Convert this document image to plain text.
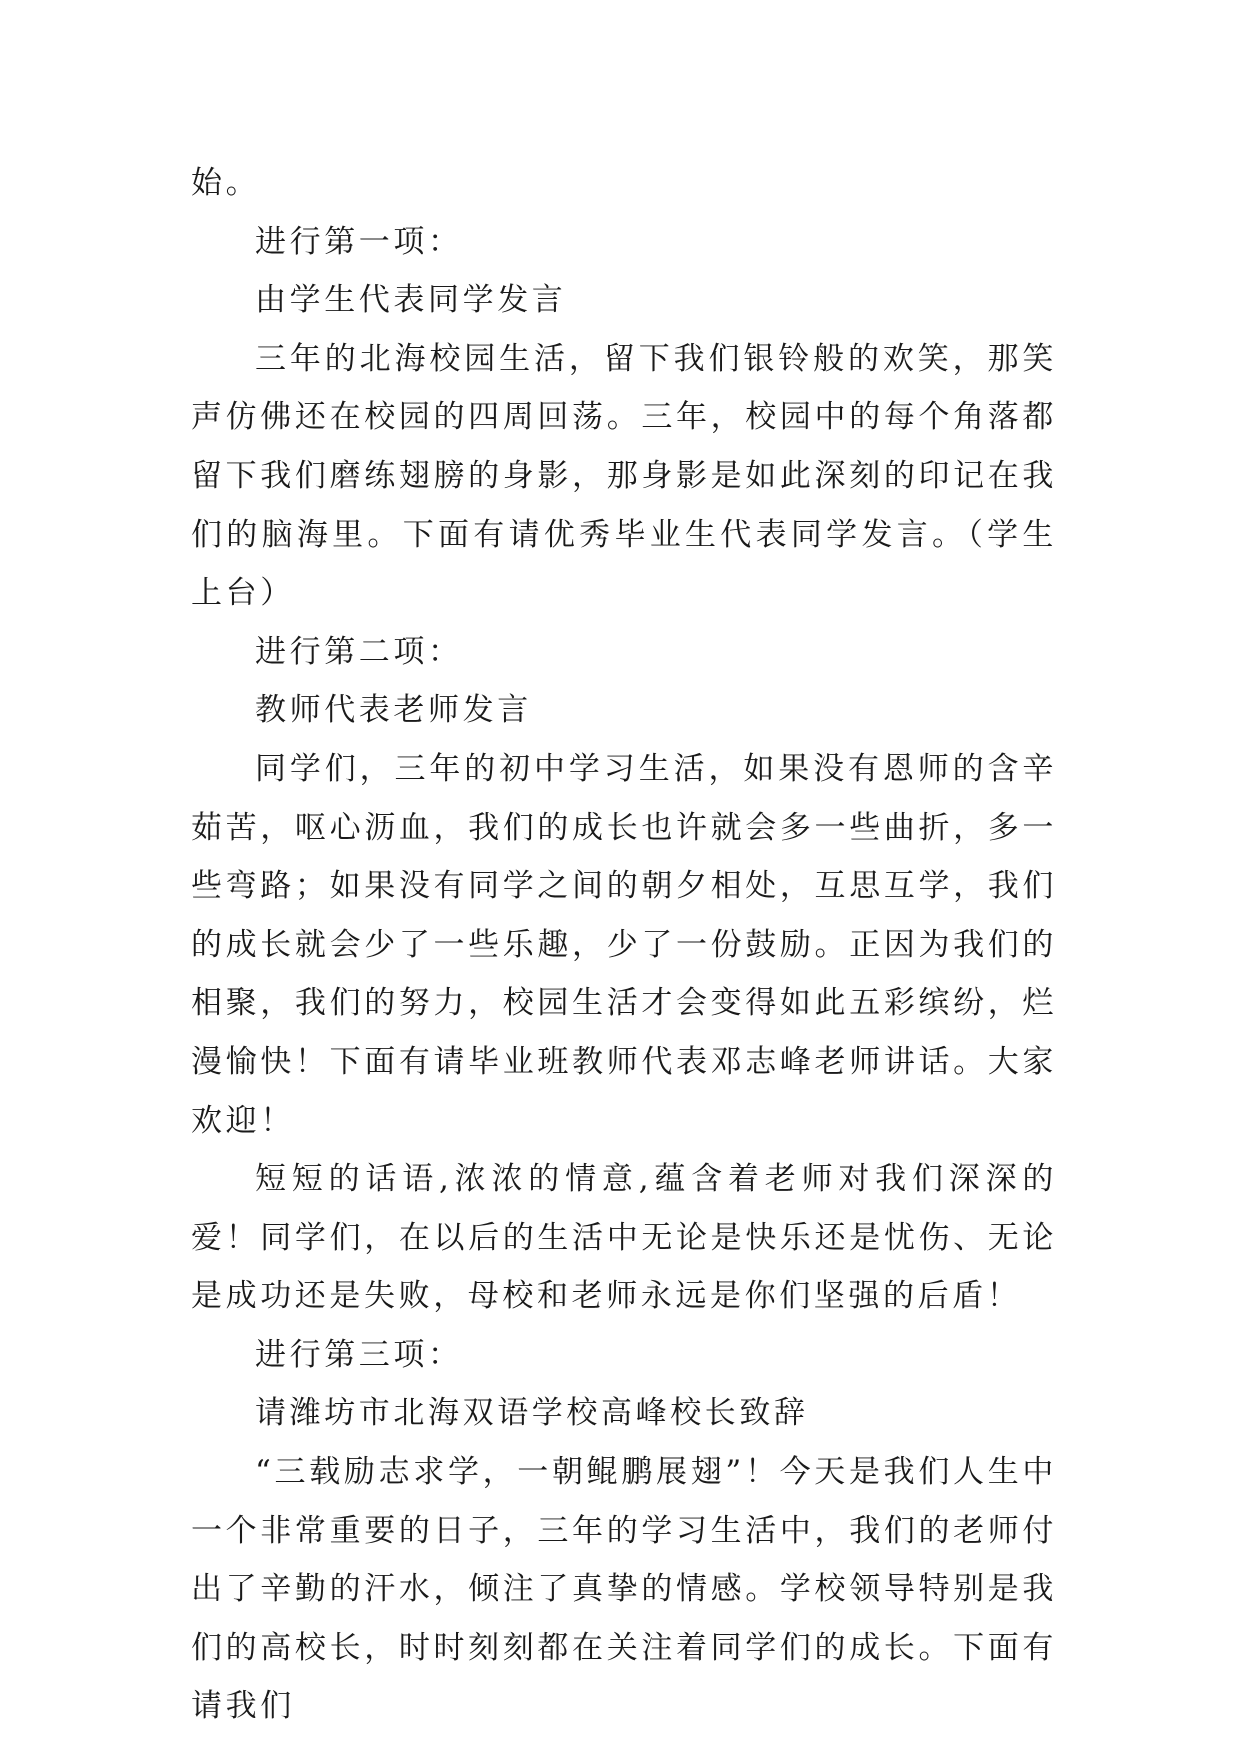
始。

进行第一项：

由学生代表同学发言

三年的北海校园生活，留下我们银铃般的欢笑，那笑声仿佛还在校园的四周回荡。三年，校园中的每个角落都留下我们磨练翅膀的身影，那身影是如此深刻的印记在我们的脑海里。下面有请优秀毕业生代表同学发言。（学生上台）

进行第二项：

教师代表老师发言

同学们，三年的初中学习生活，如果没有恩师的含辛茹苦，呕心沥血，我们的成长也许就会多一些曲折，多一些弯路；如果没有同学之间的朝夕相处，互思互学，我们的成长就会少了一些乐趣，少了一份鼓励。正因为我们的相聚，我们的努力，校园生活才会变得如此五彩缤纷，烂漫愉快！下面有请毕业班教师代表邓志峰老师讲话。大家欢迎！

短短的话语,浓浓的情意,蕴含着老师对我们深深的爱！同学们，在以后的生活中无论是快乐还是忧伤、无论是成功还是失败，母校和老师永远是你们坚强的后盾！

进行第三项：

请潍坊市北海双语学校高峰校长致辞

“三载励志求学，一朝鲲鹏展翅”！今天是我们人生中一个非常重要的日子，三年的学习生活中，我们的老师付出了辛勤的汗水，倾注了真挚的情感。学校领导特别是我们的高校长，时时刻刻都在关注着同学们的成长。下面有请我们
